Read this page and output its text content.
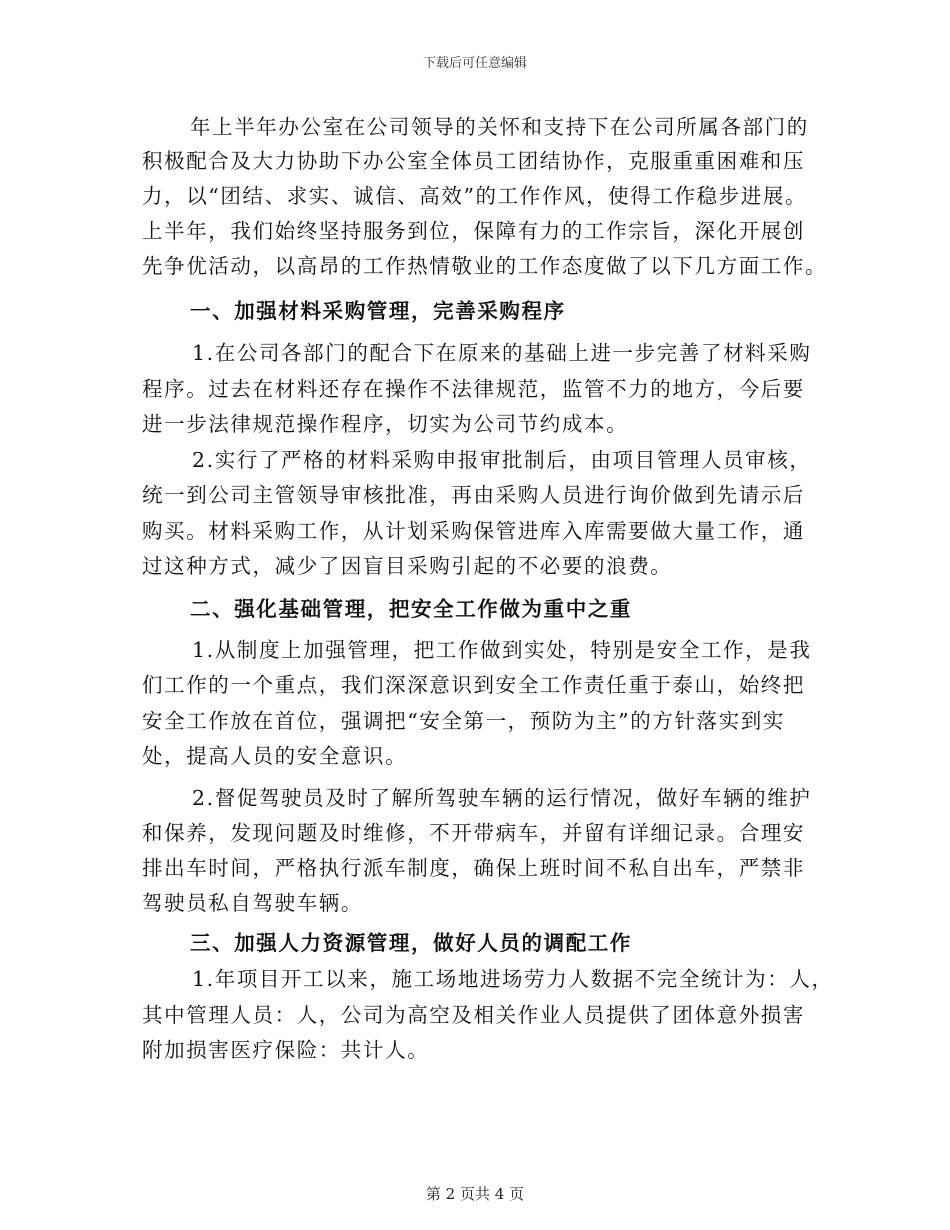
下载后可任意编辑
年上半年办公室在公司领导的关怀和支持下在公司所属各部门的
积极配合及大力协助下办公室全体员工团结协作，克服重重困难和压
力，以“团结、求实、诚信、高效”的工作作风，使得工作稳步进展。
上半年，我们始终坚持服务到位，保障有力的工作宗旨，深化开展创
先争优活动，以高昂的工作热情敬业的工作态度做了以下几方面工作。
一、加强材料采购管理，完善采购程序
1.在公司各部门的配合下在原来的基础上进一步完善了材料采购
程序。过去在材料还存在操作不法律规范，监管不力的地方，今后要
进一步法律规范操作程序，切实为公司节约成本。
2.实行了严格的材料采购申报审批制后，由项目管理人员审核，
统一到公司主管领导审核批准，再由采购人员进行询价做到先请示后
购买。材料采购工作，从计划采购保管进库入库需要做大量工作，通
过这种方式，减少了因盲目采购引起的不必要的浪费。
二、强化基础管理，把安全工作做为重中之重
1.从制度上加强管理，把工作做到实处，特别是安全工作，是我
们工作的一个重点，我们深深意识到安全工作责任重于泰山，始终把
安全工作放在首位，强调把“安全第一，预防为主”的方针落实到实
处，提高人员的安全意识。
2.督促驾驶员及时了解所驾驶车辆的运行情况，做好车辆的维护
和保养，发现问题及时维修，不开带病车，并留有详细记录。合理安
排出车时间，严格执行派车制度，确保上班时间不私自出车，严禁非
驾驶员私自驾驶车辆。
三、加强人力资源管理，做好人员的调配工作
1.年项目开工以来，施工场地进场劳力人数据不完全统计为：人，
其中管理人员：人，公司为高空及相关作业人员提供了团体意外损害
附加损害医疗保险：共计人。
第 2 页共 4 页
